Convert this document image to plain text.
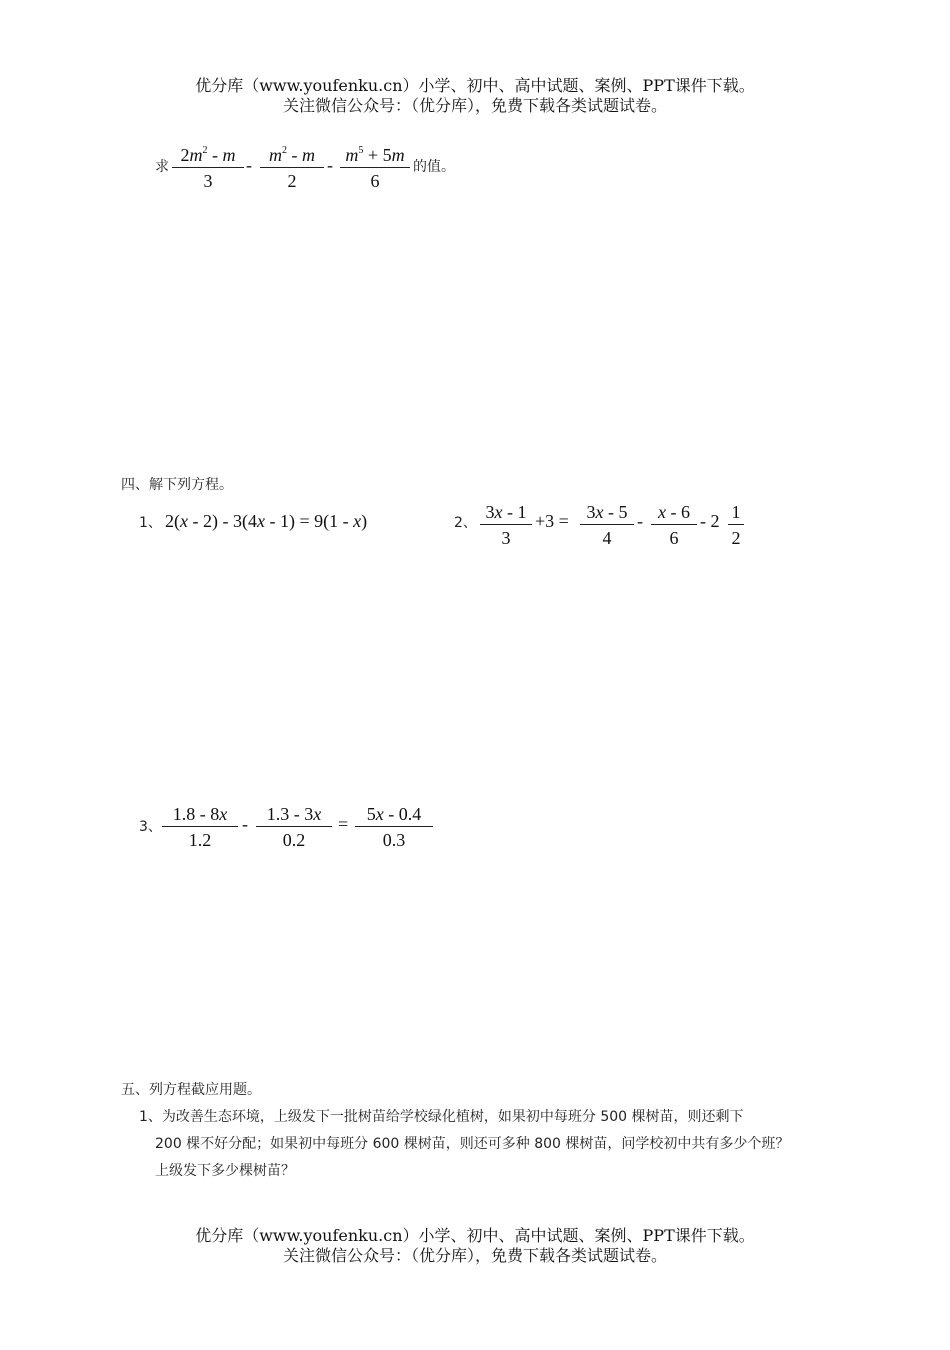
优分库（www.youfenku.cn）小学、初中、高中试题、案例、PPT课件下载。
关注微信公众号：（优分库），免费下载各类试题试卷。
求
$2m^2$ - m
3
- $m^2$ - m
2
- $m^5 + 5m$
6
的值。
四、解下列方程。
1、 2(x - 2) - 3(4x - 1) = 9(1 - x)	2、
3x - 1
3
+3 = 3x - 5
4
- x - 6
6
- 2 1
2
3、
1.8 - 8x
1.2
-	1.3 - 3x
0.2
=	5x - 0.4
0.3
五、列方程截应用题。
1、为改善生态环境，上级发下一批树苗给学校绿化植树，如果初中每班分 500 棵树苗，则还剩下
200 棵不好分配；如果初中每班分 600 棵树苗，则还可多种 800 棵树苗，问学校初中共有多少个班？
上级发下多少棵树苗？
优分库（www.youfenku.cn）小学、初中、高中试题、案例、PPT课件下载。
关注微信公众号：（优分库），免费下载各类试题试卷。
